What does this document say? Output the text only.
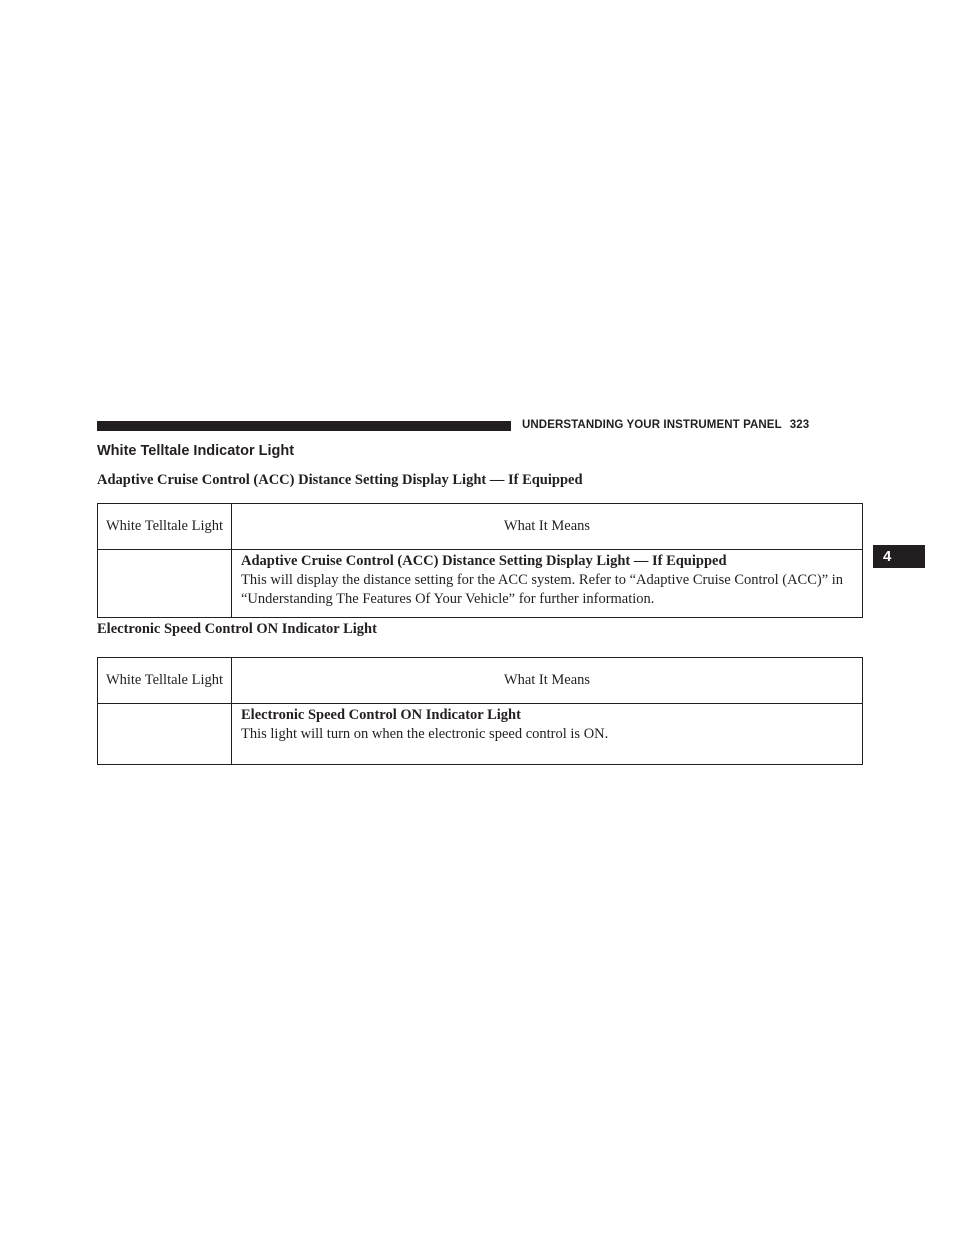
UNDERSTANDING YOUR INSTRUMENT PANEL 323
4
White Telltale Indicator Light
Adaptive Cruise Control (ACC) Distance Setting Display Light — If Equipped
White Telltale Light	What It Means

	Adaptive Cruise Control (ACC) Distance Setting Display Light — If Equipped
This will display the distance setting for the ACC system. Refer to “Adaptive Cruise Control (ACC)” in “Understanding The Features Of Your Vehicle” for further information.
Electronic Speed Control ON Indicator Light
White Telltale Light	What It Means

	Electronic Speed Control ON Indicator Light
This light will turn on when the electronic speed control is ON.
